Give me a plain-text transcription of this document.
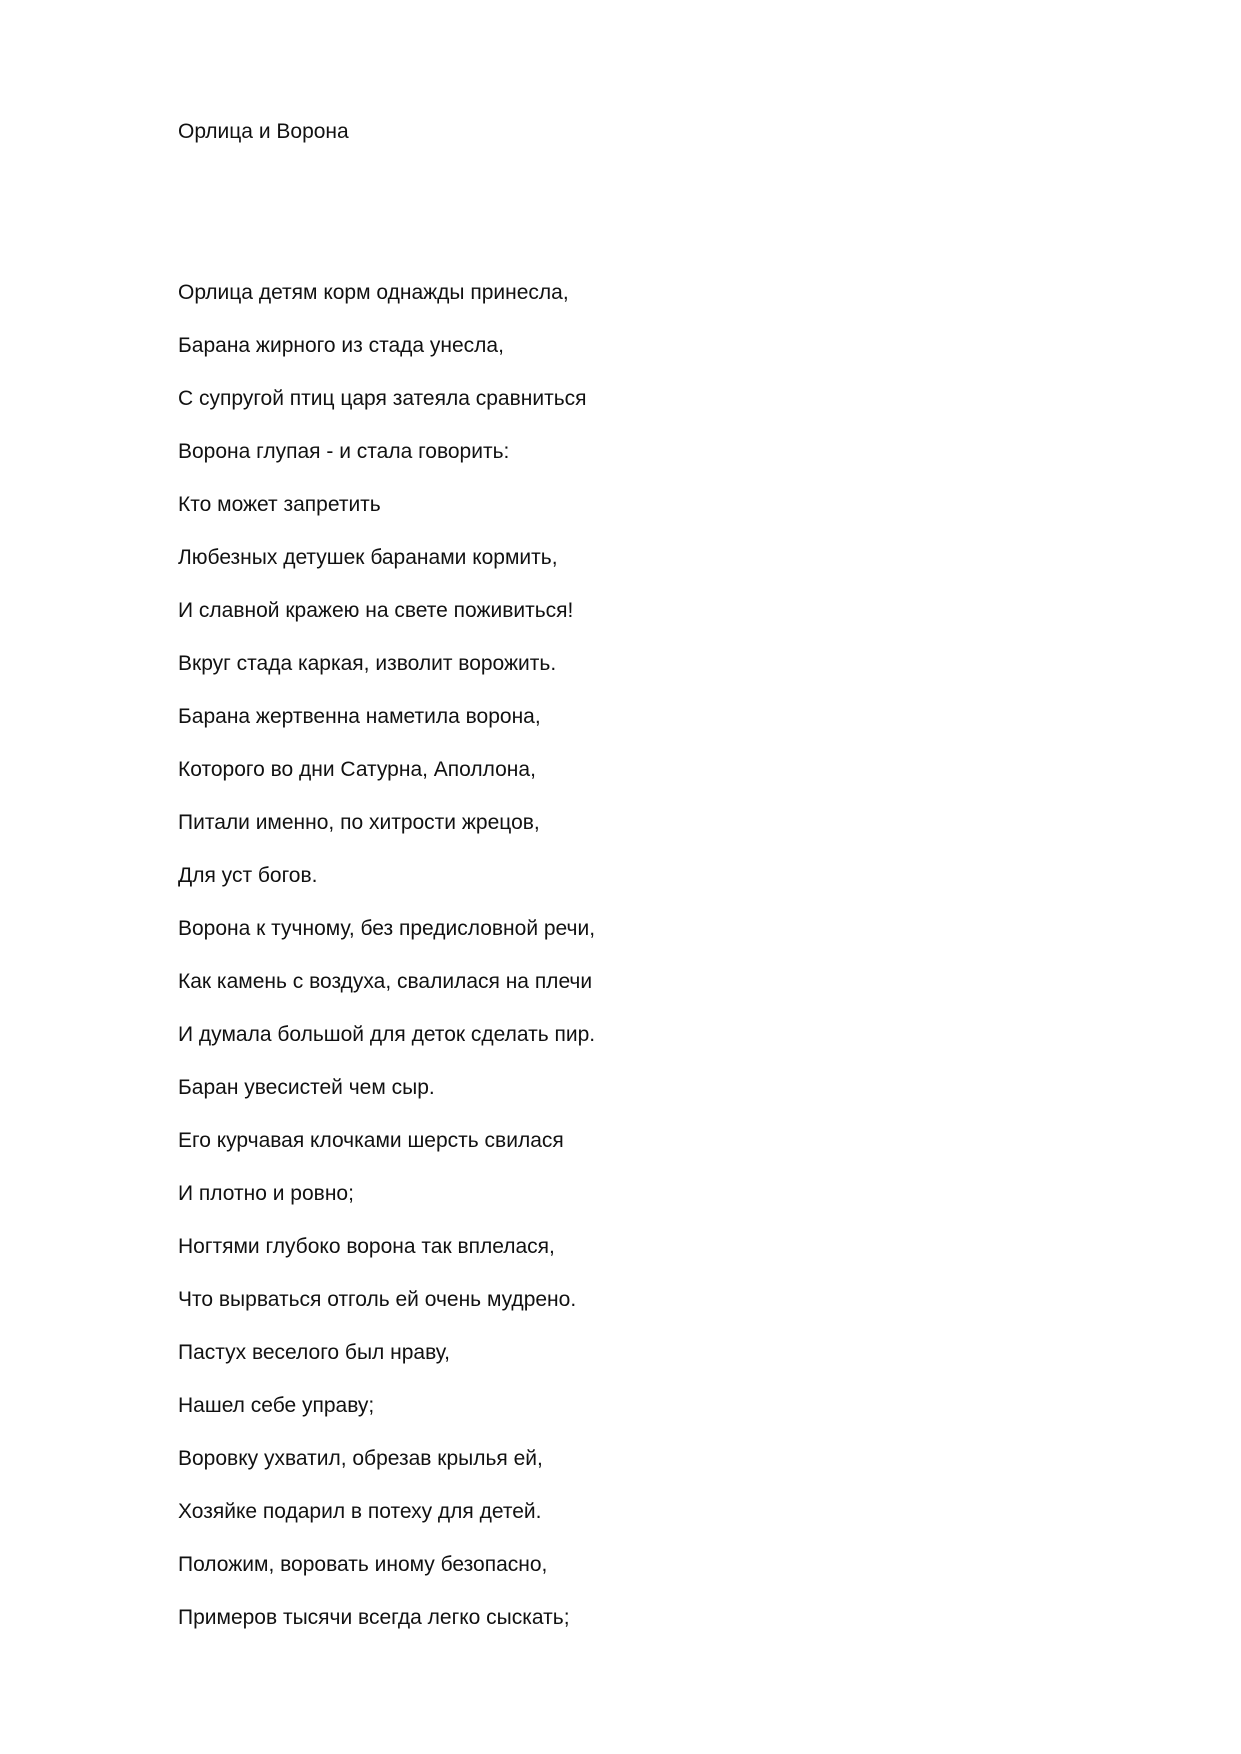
Орлица и Ворона
Орлица детям корм однажды принесла,
Барана жирного из стада унесла,
С супругой птиц царя затеяла сравниться
Ворона глупая - и стала говорить:
Кто может запретить
Любезных детушек баранами кормить,
И славной кражею на свете поживиться!
Вкруг стада каркая, изволит ворожить.
Барана жертвенна наметила ворона,
Которого во дни Сатурна, Аполлона,
Питали именно, по хитрости жрецов,
Для уст богов.
Ворона к тучному, без предисловной речи,
Как камень с воздуха, свалилася на плечи
И думала большой для деток сделать пир.
Баран увесистей чем сыр.
Его курчавая клочками шерсть свилася
И плотно и ровно;
Ногтями глубоко ворона так вплелася,
Что вырваться отголь ей очень мудрено.
Пастух веселого был нраву,
Нашел себе управу;
Воровку ухватил, обрезав крылья ей,
Хозяйке подарил в потеху для детей.
Положим, воровать иному безопасно,
Примеров тысячи всегда легко сыскать;
